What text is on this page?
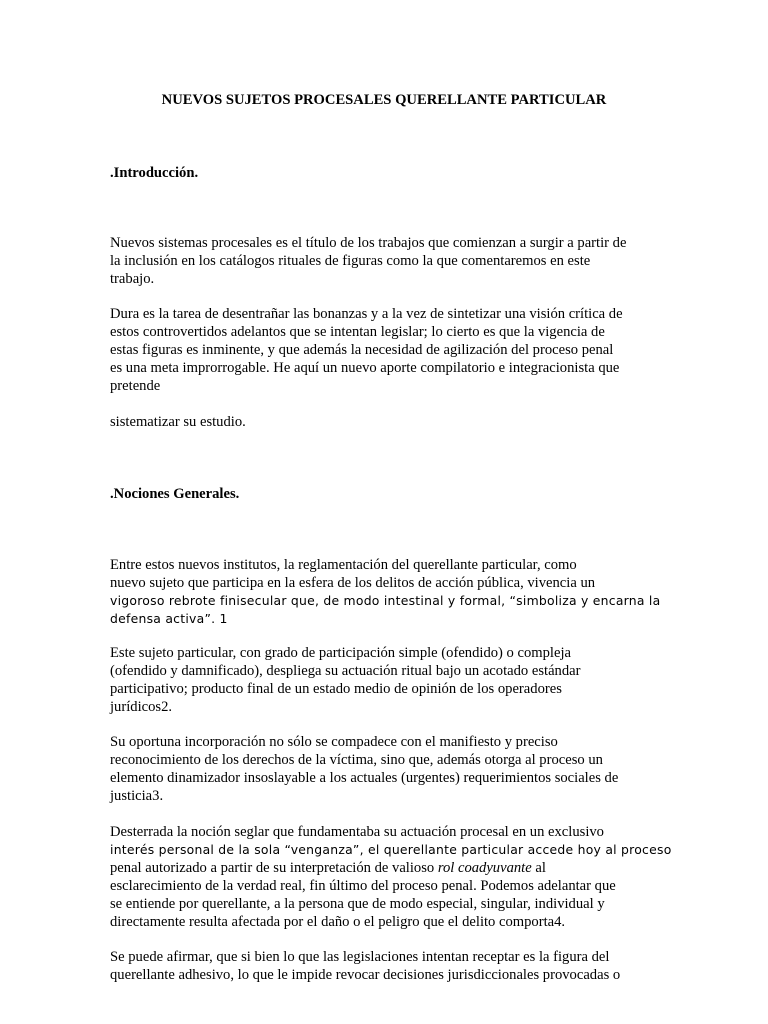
NUEVOS SUJETOS PROCESALES QUERELLANTE PARTICULAR
.Introducción.

Nuevos sistemas procesales es el título de los trabajos que comienzan a surgir a partir de
la inclusión en los catálogos rituales de figuras como la que comentaremos en este
trabajo.

Dura es la tarea de desentrañar las bonanzas y a la vez de sintetizar una visión crítica de
estos controvertidos adelantos que se intentan legislar; lo cierto es que la vigencia de
estas figuras es inminente, y que además la necesidad de agilización del proceso penal
es una meta improrrogable. He aquí un nuevo aporte compilatorio e integracionista que
pretende

sistematizar su estudio.

.Nociones Generales.

Entre estos nuevos institutos, la reglamentación del querellante particular, como
nuevo sujeto que participa en la esfera de los delitos de acción pública, vivencia un
vigoroso rebrote finisecular que, de modo intestinal y formal, “simboliza y encarna la
defensa activa”. 1

Este sujeto particular, con grado de participación simple (ofendido) o compleja
(ofendido y damnificado), despliega su actuación ritual bajo un acotado estándar
participativo; producto final de un estado medio de opinión de los operadores
jurídicos2.

Su oportuna incorporación no sólo se compadece con el manifiesto y preciso
reconocimiento de los derechos de la víctima, sino que, además otorga al proceso un
elemento dinamizador insoslayable a los actuales (urgentes) requerimientos sociales de
justicia3.

Desterrada la noción seglar que fundamentaba su actuación procesal en un exclusivo
interés personal de la sola “venganza”, el querellante particular accede hoy al proceso
penal autorizado a partir de su interpretación de valioso rol coadyuvante al
esclarecimiento de la verdad real, fin último del proceso penal. Podemos adelantar que
se entiende por querellante, a la persona que de modo especial, singular, individual y
directamente resulta afectada por el daño o el peligro que el delito comporta4.

Se puede afirmar, que si bien lo que las legislaciones intentan receptar es la figura del
querellante adhesivo, lo que le impide revocar decisiones jurisdiccionales provocadas o
